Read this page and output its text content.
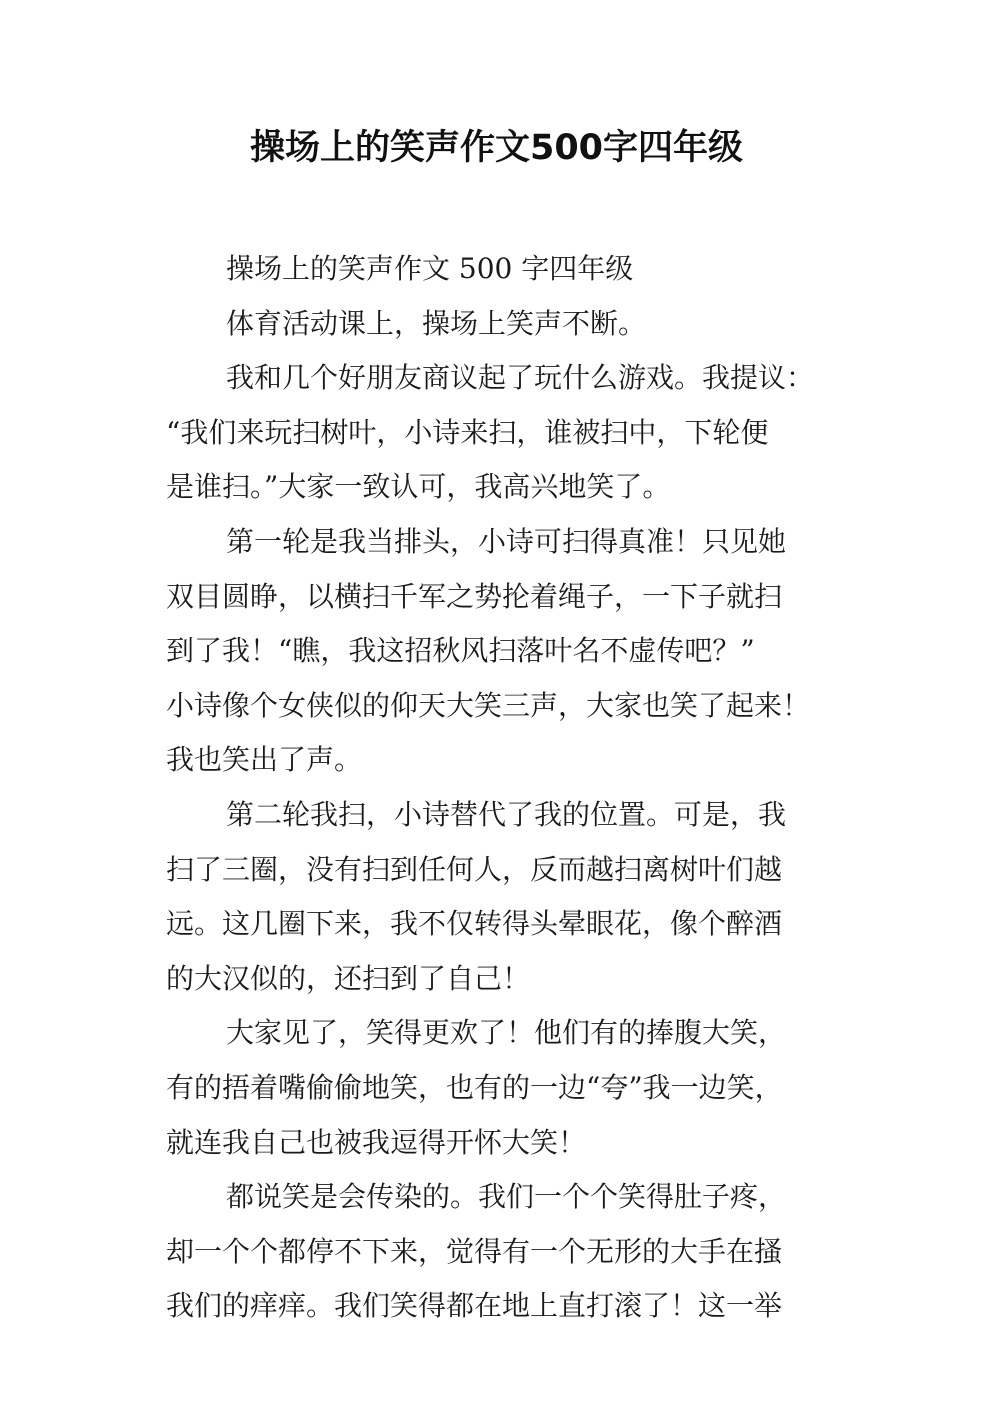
操场上的笑声作文500字四年级
操场上的笑声作文 500 字四年级
体育活动课上，操场上笑声不断。
我和几个好朋友商议起了玩什么游戏。我提议：
“我们来玩扫树叶，小诗来扫，谁被扫中，下轮便
是谁扫。”大家一致认可，我高兴地笑了。
第一轮是我当排头，小诗可扫得真准！只见她
双目圆睁，以横扫千军之势抡着绳子，一下子就扫
到了我！“瞧，我这招秋风扫落叶名不虚传吧？”
小诗像个女侠似的仰天大笑三声，大家也笑了起来！
我也笑出了声。
第二轮我扫，小诗替代了我的位置。可是，我
扫了三圈，没有扫到任何人，反而越扫离树叶们越
远。这几圈下来，我不仅转得头晕眼花，像个醉酒
的大汉似的，还扫到了自己！
大家见了，笑得更欢了！他们有的捧腹大笑，
有的捂着嘴偷偷地笑，也有的一边“夸”我一边笑，
就连我自己也被我逗得开怀大笑！
都说笑是会传染的。我们一个个笑得肚子疼，
却一个个都停不下来，觉得有一个无形的大手在搔
我们的痒痒。我们笑得都在地上直打滚了！这一举
